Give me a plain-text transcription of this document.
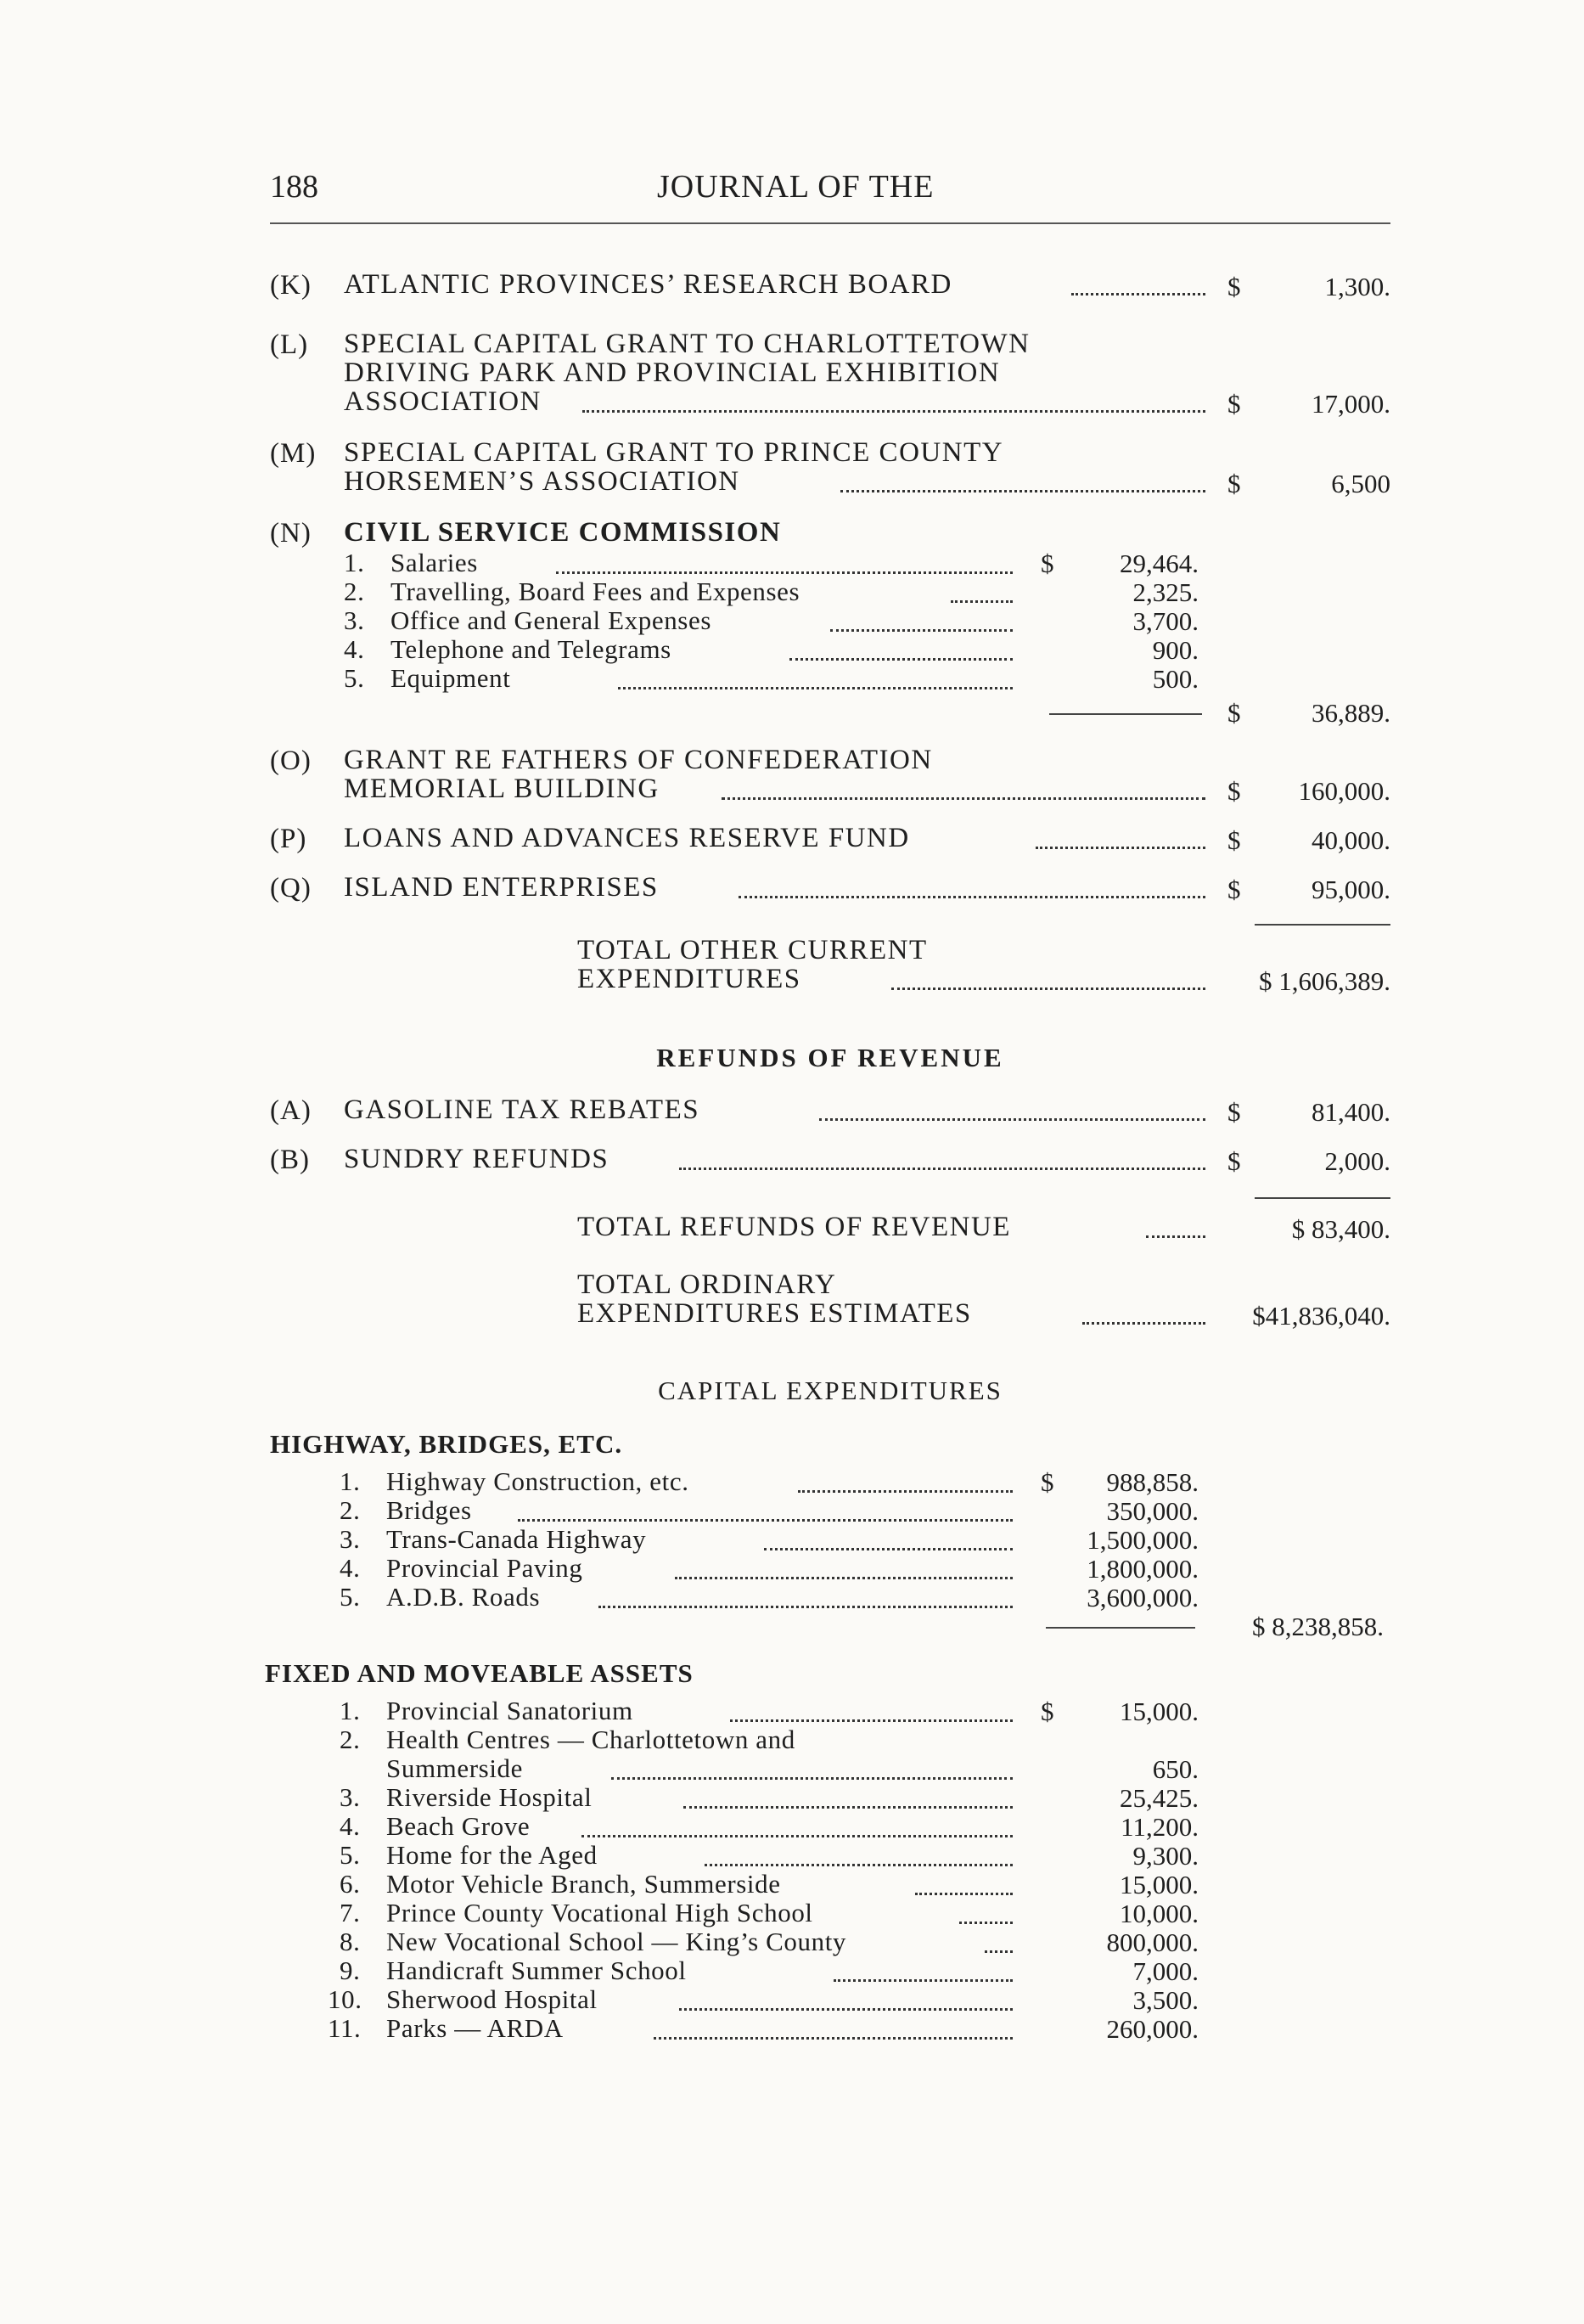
188	JOURNAL OF THE
(K) ATLANTIC PROVINCES’ RESEARCH BOARD	$	1,300.
(L) SPECIAL CAPITAL GRANT TO CHARLOTTETOWN
DRIVING PARK AND PROVINCIAL EXHIBITION
ASSOCIATION	$	17,000.
(M) SPECIAL CAPITAL GRANT TO PRINCE COUNTY
HORSEMEN’S ASSOCIATION	$	6,500
(N) CIVIL SERVICE COMMISSION
1. Salaries	$	29,464.
2. Travelling, Board Fees and Expenses	2,325.
3. Office and General Expenses	3,700.
4. Telephone and Telegrams	900.
5. Equipment	500.
$	36,889.
(O) GRANT RE FATHERS OF CONFEDERATION
MEMORIAL BUILDING	$	160,000.
(P) LOANS AND ADVANCES RESERVE FUND	$	40,000.
(Q) ISLAND ENTERPRISES	$	95,000.
TOTAL OTHER CURRENT
EXPENDITURES	$ 1,606,389.
REFUNDS OF REVENUE
(A) GASOLINE TAX REBATES	$	81,400.
(B) SUNDRY REFUNDS	$	2,000.
TOTAL REFUNDS OF REVENUE	$ 83,400.
TOTAL ORDINARY
EXPENDITURES ESTIMATES	$41,836,040.
CAPITAL EXPENDITURES
HIGHWAY, BRIDGES, ETC.
1. Highway Construction, etc.	$	988,858.
2. Bridges	350,000.
3. Trans-Canada Highway	1,500,000.
4. Provincial Paving	1,800,000.
5. A.D.B. Roads	3,600,000.
$ 8,238,858.
FIXED AND MOVEABLE ASSETS
1. Provincial Sanatorium	$	15,000.
2. Health Centres — Charlottetown and
Summerside	650.
3. Riverside Hospital	25,425.
4. Beach Grove	11,200.
5. Home for the Aged	9,300.
6. Motor Vehicle Branch, Summerside	15,000.
7. Prince County Vocational High School	10,000.
8. New Vocational School — King’s County	800,000.
9. Handicraft Summer School	7,000.
10. Sherwood Hospital	3,500.
11. Parks — ARDA	260,000.
